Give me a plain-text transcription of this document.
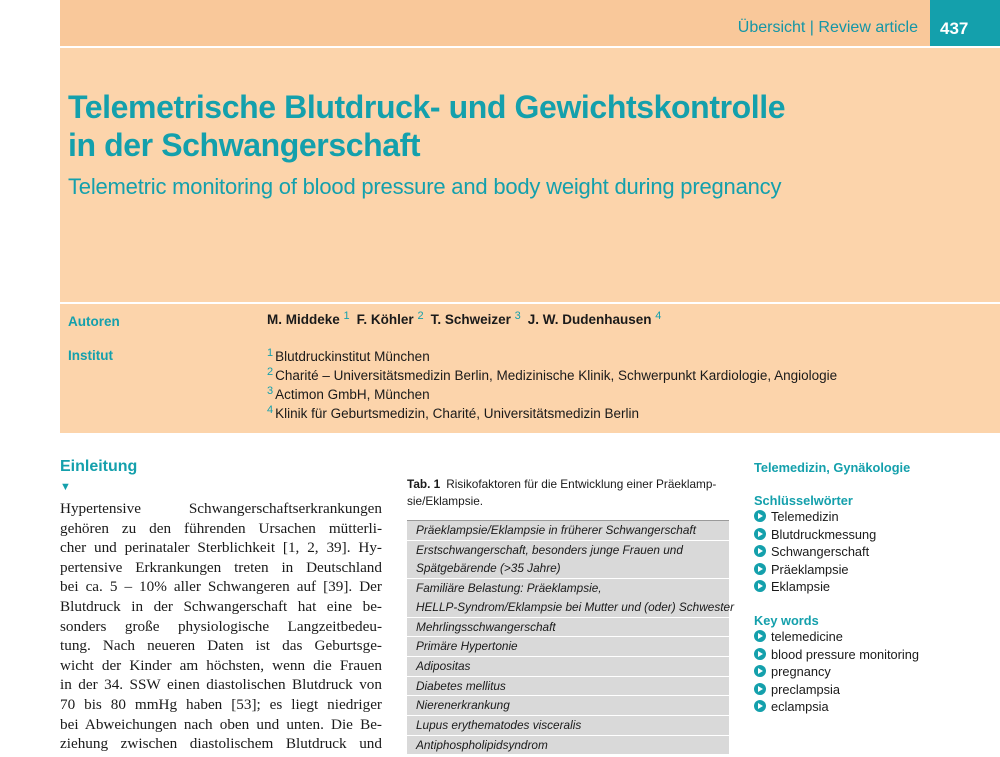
Übersicht | Review article 437
Telemetrische Blutdruck- und Gewichtskontrolle
in der Schwangerschaft
Telemetric monitoring of blood pressure and body weight during pregnancy
Autoren
Institut
M. Middeke $^1$ F. Köhler $^2$ T. Schweizer $^3$ J. W. Dudenhausen $^4$
$^1$ Blutdruckinstitut München
$^2$ Charité – Universitätsmedizin Berlin, Medizinische Klinik, Schwerpunkt Kardiologie, Angiologie
$^3$ Actimon GmbH, München
$^4$ Klinik für Geburtsmedizin, Charité, Universitätsmedizin Berlin
Einleitung
▼
Hypertensive Schwangerschaftserkrankungen
gehören zu den führenden Ursachen mütterli-
cher und perinataler Sterblichkeit [1, 2, 39]. Hy-
pertensive Erkrankungen treten in Deutschland
bei ca. 5 – 10% aller Schwangeren auf [39]. Der
Blutdruck in der Schwangerschaft hat eine be-
sonders große physiologische Langzeitbedeu-
tung. Nach neueren Daten ist das Geburtsge-
wicht der Kinder am höchsten, wenn die Frauen
in der 34. SSW einen diastolischen Blutdruck von
70 bis 80 mmHg haben [53]; es liegt niedriger
bei Abweichungen nach oben und unten. Die Be-
ziehung zwischen diastolischem Blutdruck und
Tab. 1 Risikofaktoren für die Entwicklung einer Präeklamp-sie/Eklampsie.
Präeklampsie/Eklampsie in früherer Schwangerschaft
Erstschwangerschaft, besonders junge Frauen und
Spätgebärende (>35 Jahre)
Familiäre Belastung: Präeklampsie,
HELLP-Syndrom/Eklampsie bei Mutter und (oder) Schwester
Mehrlingsschwangerschaft
Primäre Hypertonie
Adipositas
Diabetes mellitus
Nierenerkrankung
Lupus erythematodes visceralis
Antiphospholipidsyndrom
Telemedizin, Gynäkologie
Schlüsselwörter
Telemedizin
Blutdruckmessung
Schwangerschaft
Präeklampsie
Eklampsie
Key words
telemedicine
blood pressure monitoring
pregnancy
preclampsia
eclampsia
